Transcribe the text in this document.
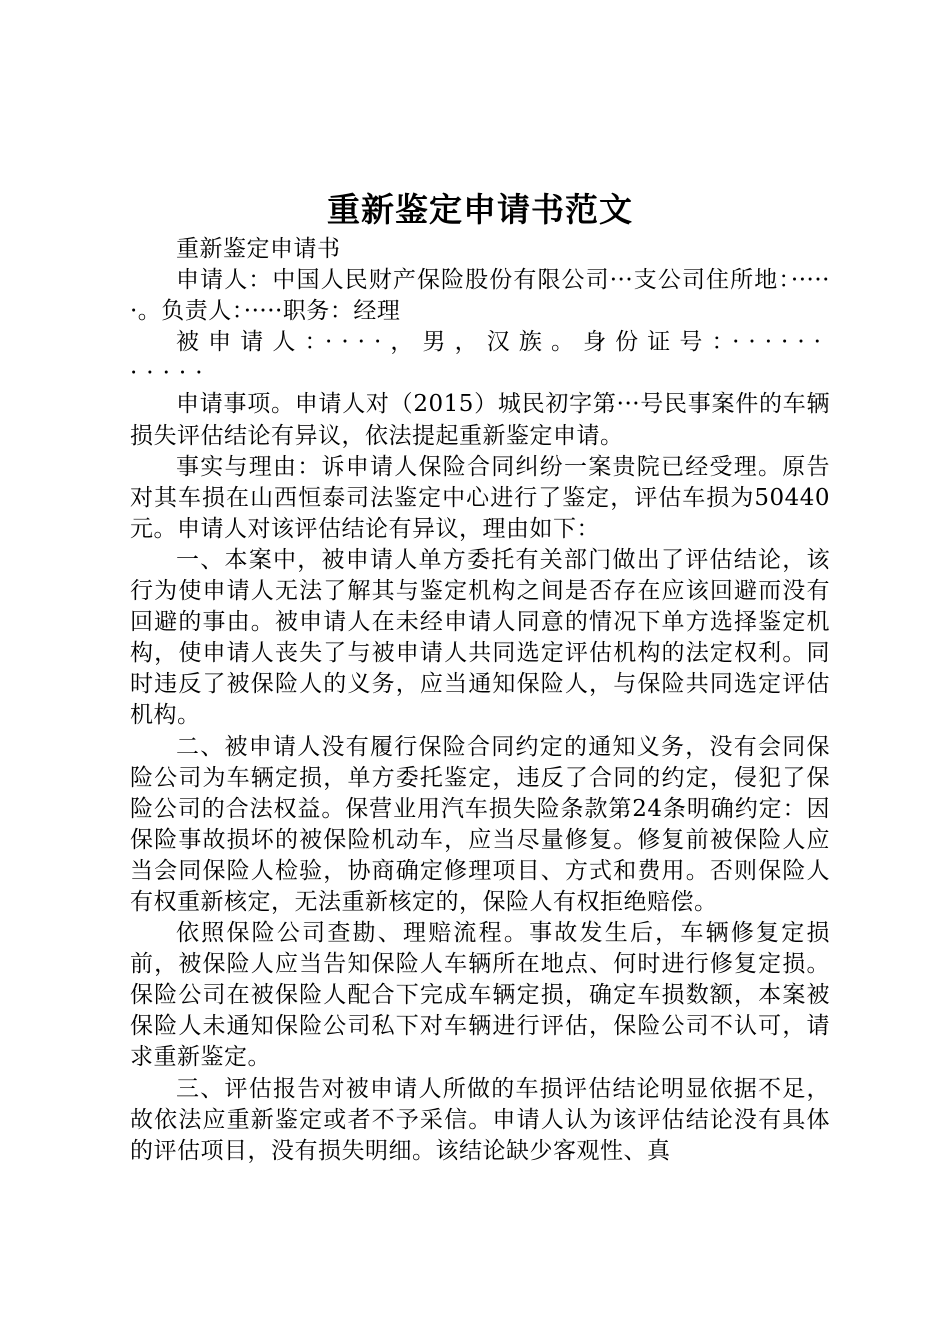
重新鉴定申请书范文

重新鉴定申请书

申请人：中国人民财产保险股份有限公司···支公司住所地：······。负责人：·····职务：经理

被申请人：····，男，汉族。身份证号：···········

申请事项。申请人对（2015）城民初字第···号民事案件的车辆损失评估结论有异议，依法提起重新鉴定申请。

事实与理由：诉申请人保险合同纠纷一案贵院已经受理。原告对其车损在山西恒泰司法鉴定中心进行了鉴定，评估车损为50440元。申请人对该评估结论有异议，理由如下：

一、本案中，被申请人单方委托有关部门做出了评估结论，该行为使申请人无法了解其与鉴定机构之间是否存在应该回避而没有回避的事由。被申请人在未经申请人同意的情况下单方选择鉴定机构，使申请人丧失了与被申请人共同选定评估机构的法定权利。同时违反了被保险人的义务，应当通知保险人，与保险共同选定评估机构。

二、被申请人没有履行保险合同约定的通知义务，没有会同保险公司为车辆定损，单方委托鉴定，违反了合同的约定，侵犯了保险公司的合法权益。保营业用汽车损失险条款第24条明确约定：因保险事故损坏的被保险机动车，应当尽量修复。修复前被保险人应当会同保险人检验，协商确定修理项目、方式和费用。否则保险人有权重新核定，无法重新核定的，保险人有权拒绝赔偿。

依照保险公司查勘、理赔流程。事故发生后，车辆修复定损前，被保险人应当告知保险人车辆所在地点、何时进行修复定损。保险公司在被保险人配合下完成车辆定损，确定车损数额，本案被保险人未通知保险公司私下对车辆进行评估，保险公司不认可，请求重新鉴定。

三、评估报告对被申请人所做的车损评估结论明显依据不足，故依法应重新鉴定或者不予采信。申请人认为该评估结论没有具体的评估项目，没有损失明细。该结论缺少客观性、真
